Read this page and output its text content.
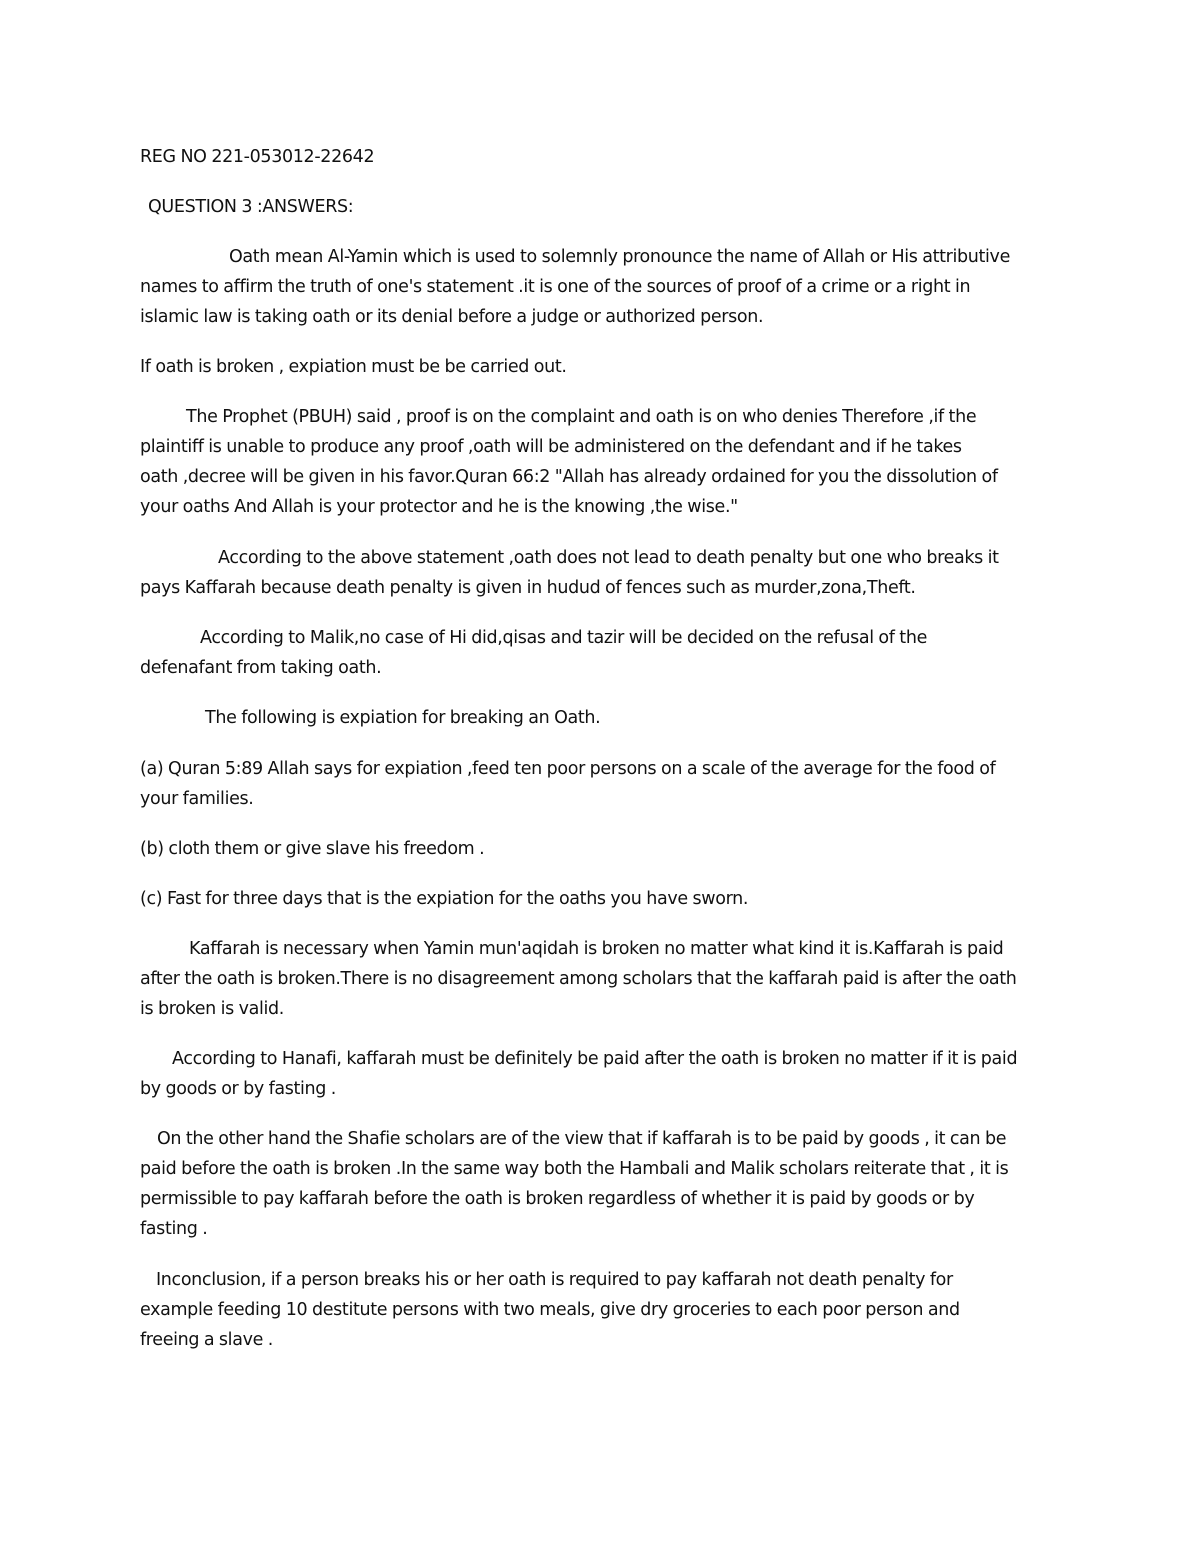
REG NO 221-053012-22642

QUESTION 3 :ANSWERS:

Oath mean Al-Yamin which is used to solemnly pronounce the name of Allah or His attributive

names to affirm the truth of one's statement .it is one of the sources of proof of a crime or a right in

islamic law is taking oath or its denial before a judge or authorized person.

If oath is broken , expiation must be be carried out.

The Prophet (PBUH) said , proof is on the complaint and oath is on who denies Therefore ,if the

plaintiff is unable to produce any proof ,oath will be administered on the defendant and if he takes

oath ,decree will be given in his favor.Quran 66:2 "Allah has already ordained for you the dissolution of

your oaths And Allah is your protector and he is the knowing ,the wise."

According to the above statement ,oath does not lead to death penalty but one who breaks it

pays Kaffarah because death penalty is given in hudud of fences such as murder,zona,Theft.

According to Malik,no case of Hi did,qisas and tazir will be decided on the refusal of the

defenafant from taking oath.

The following is expiation for breaking an Oath.

(a) Quran 5:89 Allah says for expiation ,feed ten poor persons on a scale of the average for the food of

your families.

(b) cloth them or give slave his freedom .

(c) Fast for three days that is the expiation for the oaths you have sworn.

Kaffarah is necessary when Yamin mun'aqidah is broken no matter what kind it is.Kaffarah is paid

after the oath is broken.There is no disagreement among scholars that the kaffarah paid is after the oath

is broken is valid.

According to Hanafi, kaffarah must be definitely be paid after the oath is broken no matter if it is paid

by goods or by fasting .

On the other hand the Shafie scholars are of the view that if kaffarah is to be paid by goods , it can be

paid before the oath is broken .In the same way both the Hambali and Malik scholars reiterate that , it is

permissible to pay kaffarah before the oath is broken regardless of whether it is paid by goods or by

fasting .

Inconclusion, if a person breaks his or her oath is required to pay kaffarah not death penalty for

example feeding 10 destitute persons with two meals, give dry groceries to each poor person and

freeing a slave .
